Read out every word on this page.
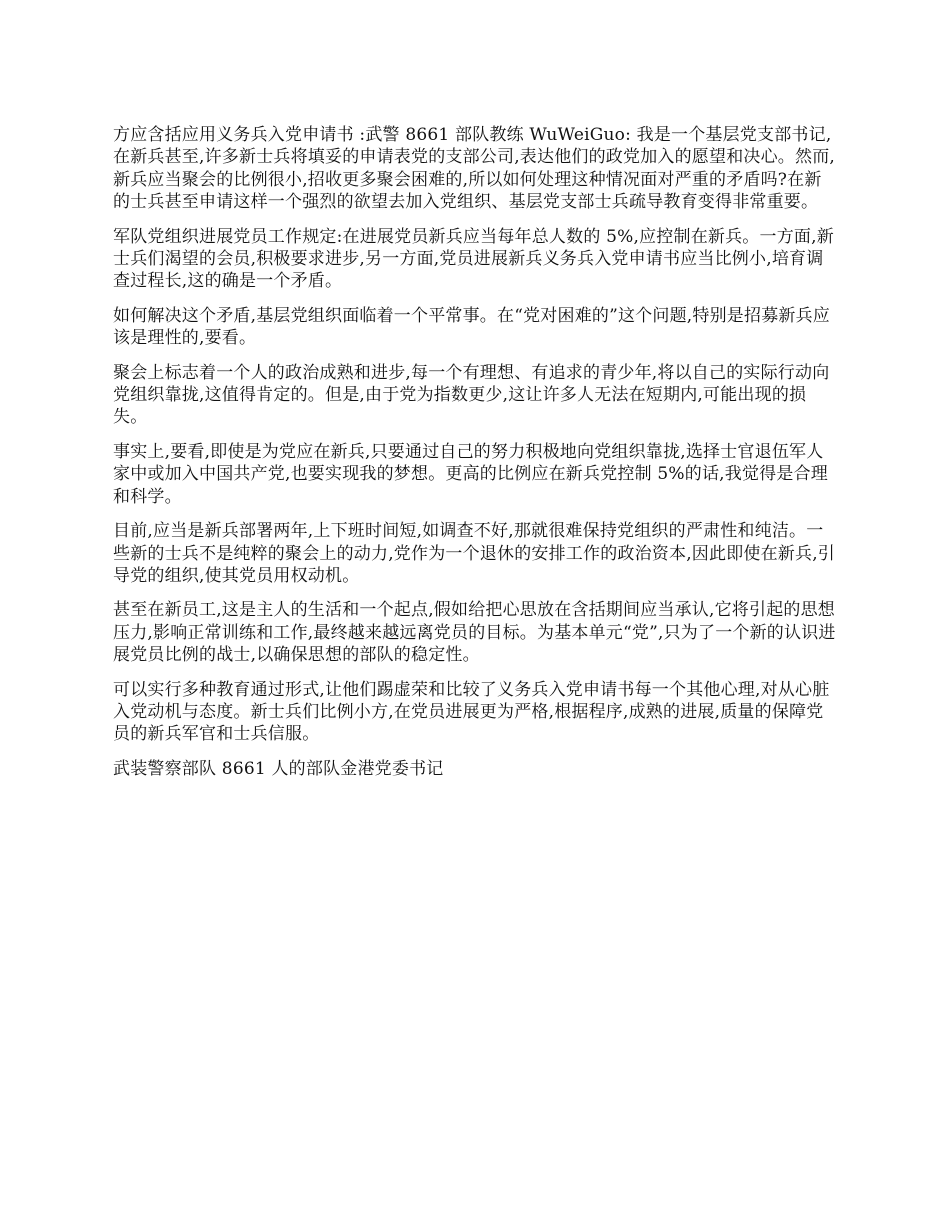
方应含括应用义务兵入党申请书 :武警 8661 部队教练 WuWeiGuo: 我是一个基层党支部书记,在新兵甚至,许多新士兵将填妥的申请表党的支部公司,表达他们的政党加入的愿望和决心。然而,新兵应当聚会的比例很小,招收更多聚会困难的,所以如何处理这种情况面对严重的矛盾吗?在新的士兵甚至申请这样一个强烈的欲望去加入党组织、基层党支部士兵疏导教育变得非常重要。

军队党组织进展党员工作规定:在进展党员新兵应当每年总人数的 5%,应控制在新兵。一方面,新士兵们渴望的会员,积极要求进步,另一方面,党员进展新兵义务兵入党申请书应当比例小,培育调查过程长,这的确是一个矛盾。

如何解决这个矛盾,基层党组织面临着一个平常事。在“党对困难的”这个问题,特别是招募新兵应该是理性的,要看。

聚会上标志着一个人的政治成熟和进步,每一个有理想、有追求的青少年,将以自己的实际行动向党组织靠拢,这值得肯定的。但是,由于党为指数更少,这让许多人无法在短期内,可能出现的损失。

事实上,要看,即使是为党应在新兵,只要通过自己的努力积极地向党组织靠拢,选择士官退伍军人家中或加入中国共产党,也要实现我的梦想。更高的比例应在新兵党控制 5%的话,我觉得是合理和科学。

目前,应当是新兵部署两年,上下班时间短,如调查不好,那就很难保持党组织的严肃性和纯洁。一些新的士兵不是纯粹的聚会上的动力,党作为一个退休的安排工作的政治资本,因此即使在新兵,引导党的组织,使其党员用权动机。

甚至在新员工,这是主人的生活和一个起点,假如给把心思放在含括期间应当承认,它将引起的思想压力,影响正常训练和工作,最终越来越远离党员的目标。为基本单元“党”,只为了一个新的认识进展党员比例的战士,以确保思想的部队的稳定性。

可以实行多种教育通过形式,让他们踢虚荣和比较了义务兵入党申请书每一个其他心理,对从心脏入党动机与态度。新士兵们比例小方,在党员进展更为严格,根据程序,成熟的进展,质量的保障党员的新兵军官和士兵信服。

武装警察部队 8661 人的部队金港党委书记
